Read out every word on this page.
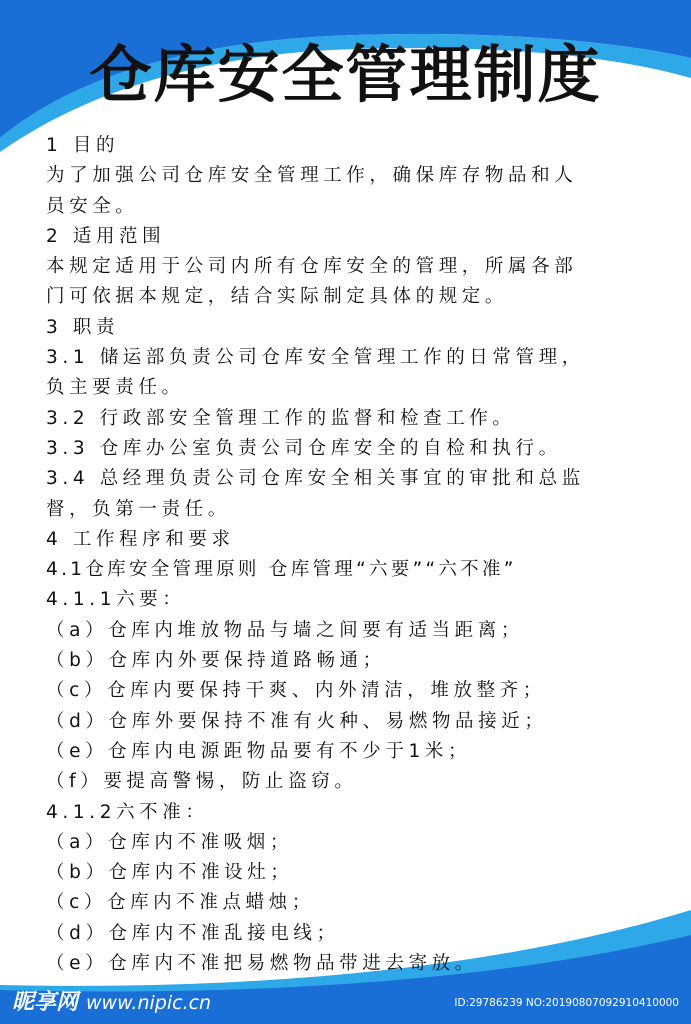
仓库安全管理制度
1 目的
为了加强公司仓库安全管理工作，确保库存物品和人
员安全。
2 适用范围
本规定适用于公司内所有仓库安全的管理，所属各部
门可依据本规定，结合实际制定具体的规定。
3 职责
3.1 储运部负责公司仓库安全管理工作的日常管理，
负主要责任。
3.2 行政部安全管理工作的监督和检查工作。
3.3 仓库办公室负责公司仓库安全的自检和执行。
3.4 总经理负责公司仓库安全相关事宜的审批和总监
督，负第一责任。
4 工作程序和要求
4.1仓库安全管理原则 仓库管理“六要”“六不准”
4.1.1六要：
（a）仓库内堆放物品与墙之间要有适当距离；
（b）仓库内外要保持道路畅通；
（c）仓库内要保持干爽、内外清洁，堆放整齐；
（d）仓库外要保持不准有火种、易燃物品接近；
（e）仓库内电源距物品要有不少于1米；
（f）要提高警惕，防止盗窃。
4.1.2六不准：
（a）仓库内不准吸烟；
（b）仓库内不准设灶；
（c）仓库内不准点蜡烛；
（d）仓库内不准乱接电线；
（e）仓库内不准把易燃物品带进去寄放。
昵享网 www.nipic.cn	ID:29786239 NO:20190807092910410000
